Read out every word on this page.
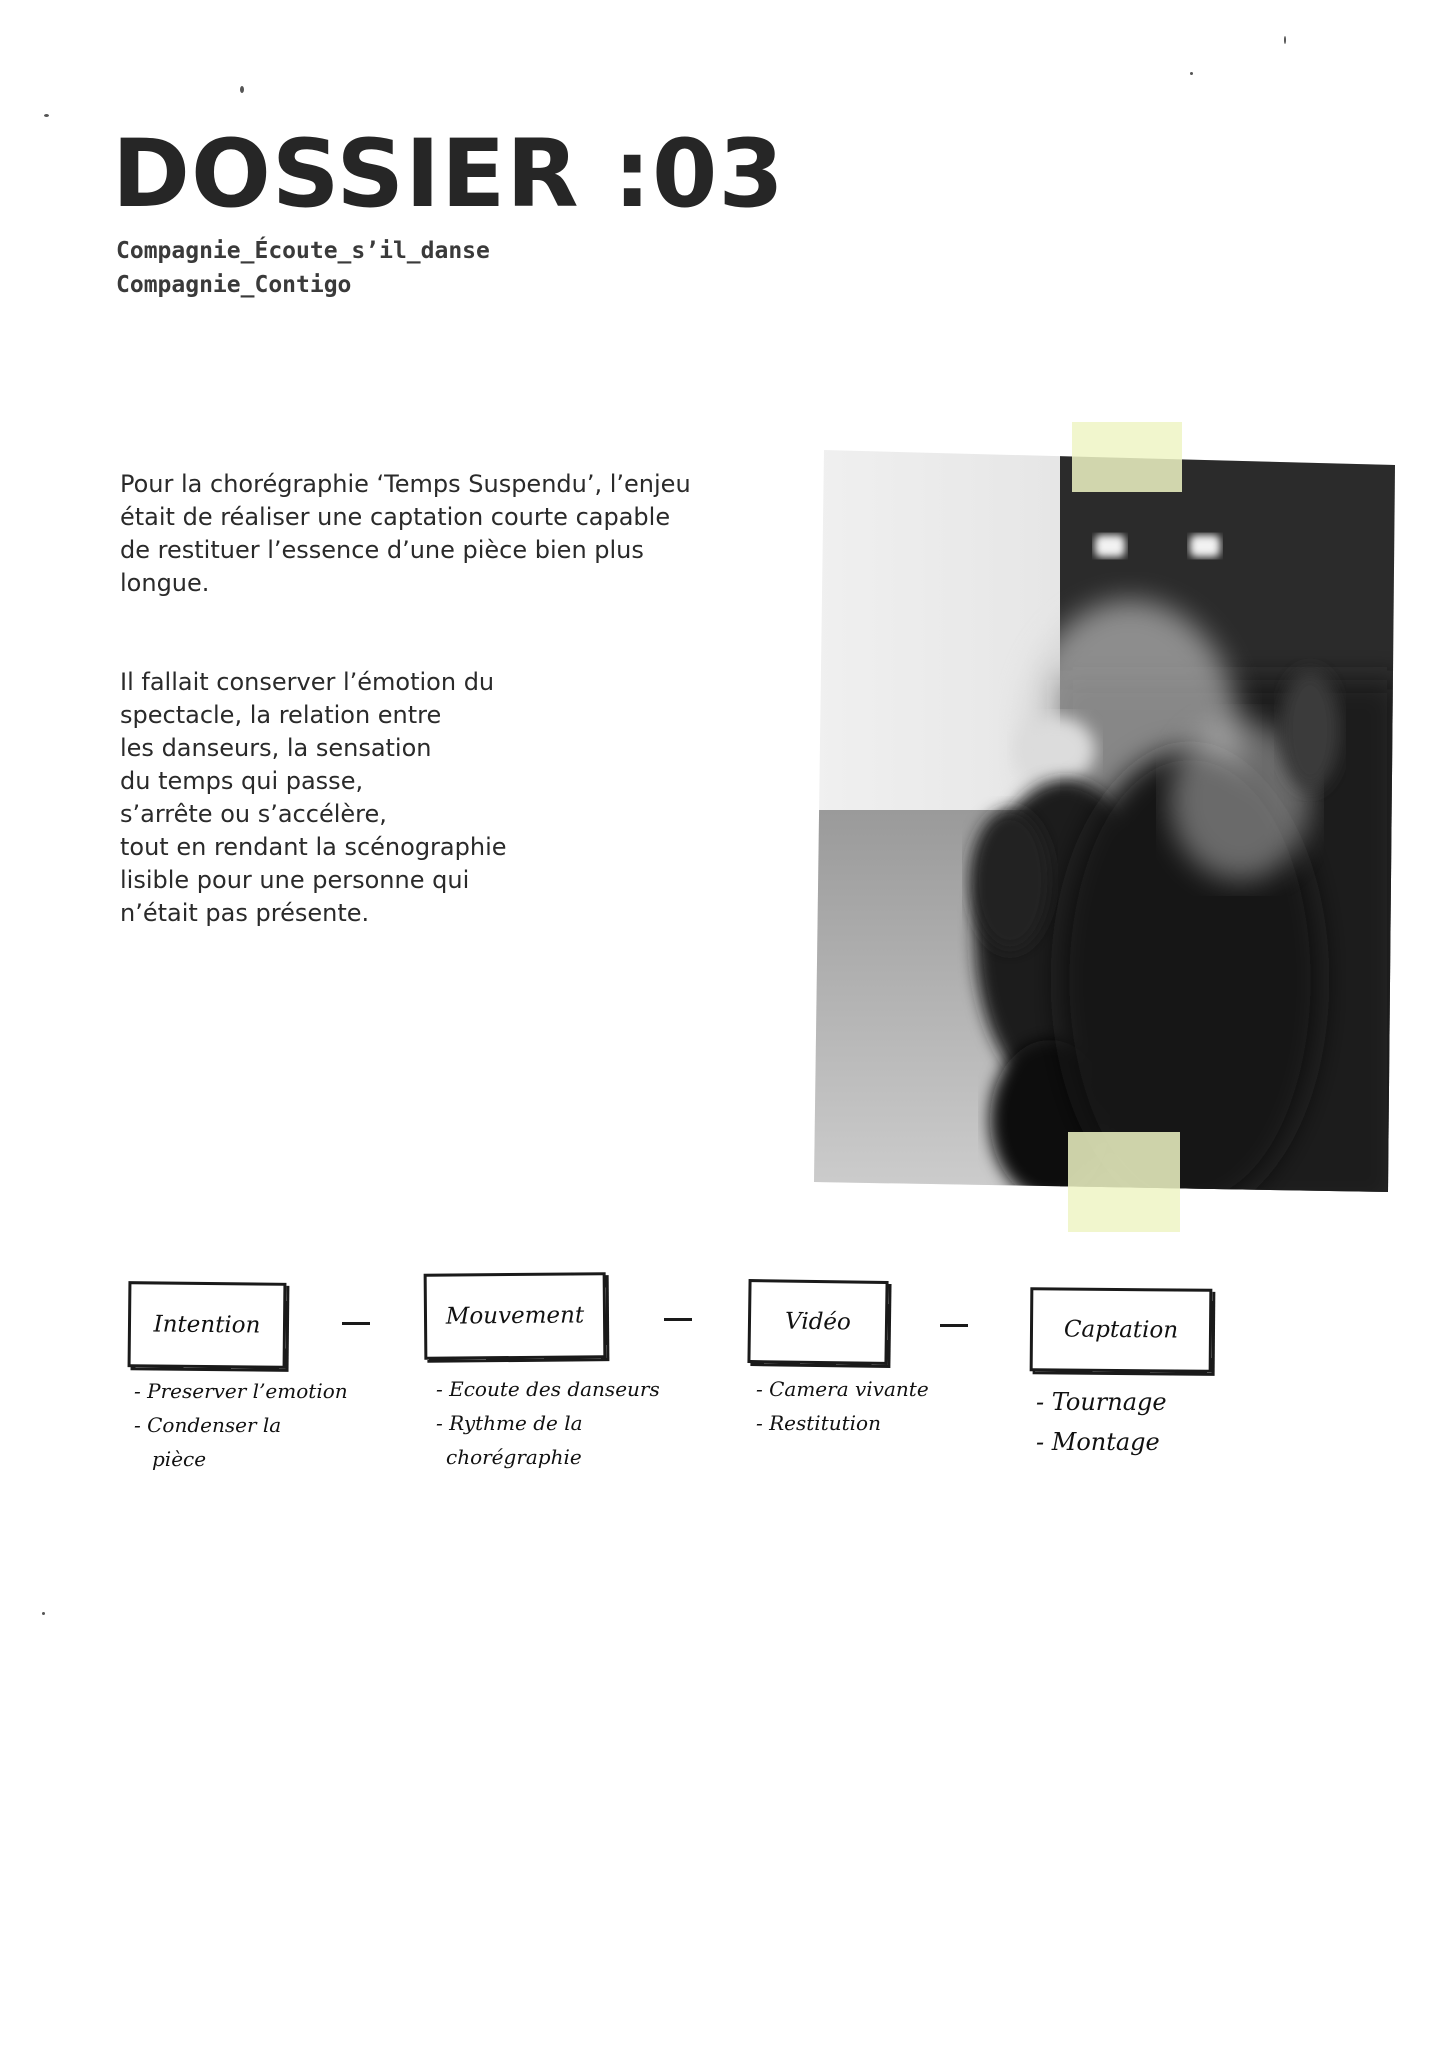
DOSSIER :03
Compagnie_Écoute_s’il_danse
Compagnie_Contigo
Pour la chorégraphie ‘Temps Suspendu’, l’enjeu
était de réaliser une captation courte capable
de restituer l’essence d’une pièce bien plus
longue.
Il fallait conserver l’émotion du
spectacle, la relation entre
les danseurs, la sensation
du temps qui passe,
s’arrête ou s’accélère,
tout en rendant la scénographie
lisible pour une personne qui
n’était pas présente.
Intention	Mouvement	Vidéo	Captation
- Preserver l’emotion
- Condenser la
pièce
- Ecoute des danseurs
- Rythme de la
chorégraphie
- Camera vivante
- Restitution
- Tournage
- Montage
